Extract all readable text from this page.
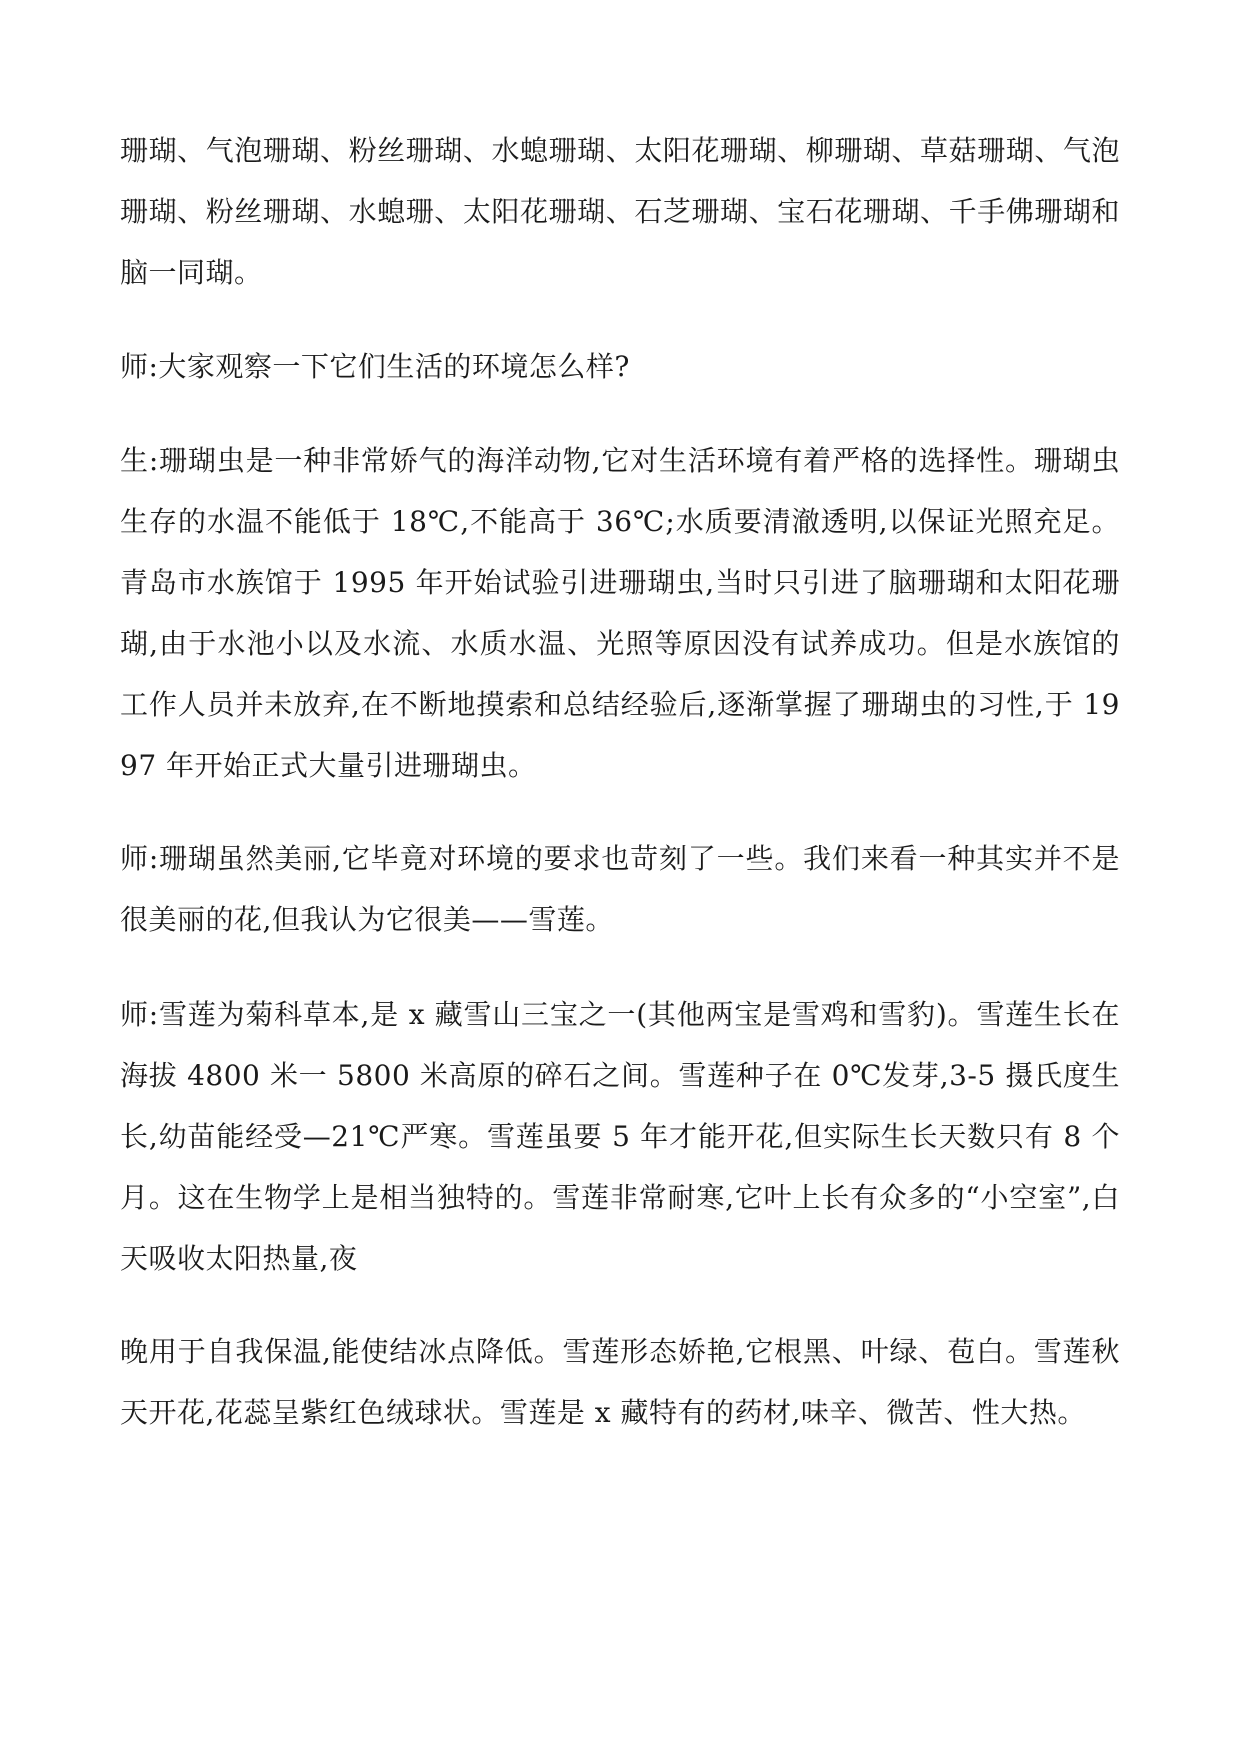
珊瑚、气泡珊瑚、粉丝珊瑚、水螅珊瑚、太阳花珊瑚、柳珊瑚、草菇珊瑚、气泡珊瑚、粉丝珊瑚、水螅珊、太阳花珊瑚、石芝珊瑚、宝石花珊瑚、千手佛珊瑚和脑一同瑚。

师:大家观察一下它们生活的环境怎么样?

生:珊瑚虫是一种非常娇气的海洋动物,它对生活环境有着严格的选择性。珊瑚虫生存的水温不能低于 18℃,不能高于 36℃;水质要清澈透明,以保证光照充足。青岛市水族馆于 1995 年开始试验引进珊瑚虫,当时只引进了脑珊瑚和太阳花珊瑚,由于水池小以及水流、水质水温、光照等原因没有试养成功。但是水族馆的工作人员并未放弃,在不断地摸索和总结经验后,逐渐掌握了珊瑚虫的习性,于 1997 年开始正式大量引进珊瑚虫。

师:珊瑚虽然美丽,它毕竟对环境的要求也苛刻了一些。我们来看一种其实并不是很美丽的花,但我认为它很美——雪莲。

师:雪莲为菊科草本,是 x 藏雪山三宝之一(其他两宝是雪鸡和雪豹)。雪莲生长在海拔 4800 米一 5800 米高原的碎石之间。雪莲种子在 0℃发芽,3-5 摄氏度生长,幼苗能经受—21℃严寒。雪莲虽要 5 年才能开花,但实际生长天数只有 8 个月。这在生物学上是相当独特的。雪莲非常耐寒,它叶上长有众多的“小空室”,白天吸收太阳热量,夜

晚用于自我保温,能使结冰点降低。雪莲形态娇艳,它根黑、叶绿、苞白。雪莲秋天开花,花蕊呈紫红色绒球状。雪莲是 x 藏特有的药材,味辛、微苦、性大热。
